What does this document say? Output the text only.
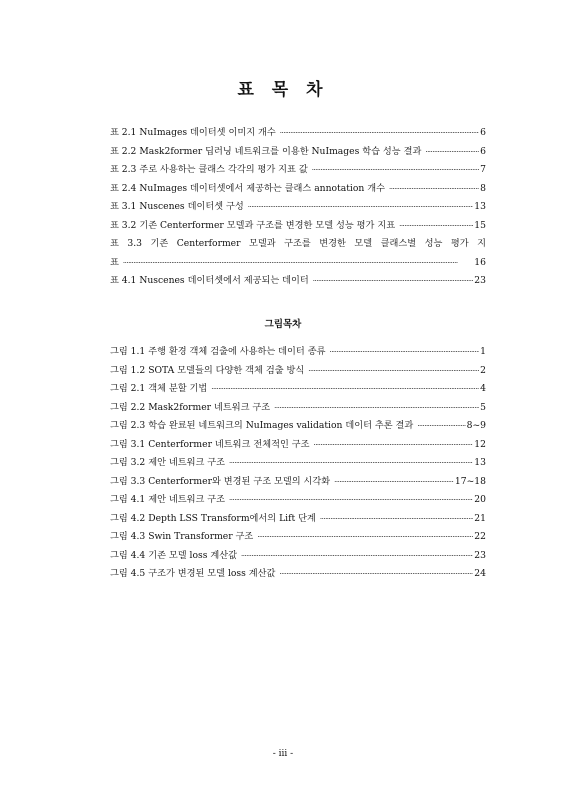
표 목 차
표 2.1 NuImages 데이터셋 이미지 개수 ·····	6
표 2.2 Mask2former 딥러닝 네트워크를 이용한 NuImages 학습 성능 결과 ·····	6
표 2.3 주로 사용하는 클래스 각각의 평가 지표 값 ·····	7
표 2.4 NuImages 데이터셋에서 제공하는 클래스 annotation 개수 ·····	8
표 3.1 Nuscenes 데이터셋 구성 ·····	13
표 3.2 기존 Centerformer 모델과 구조를 변경한 모델 성능 평가 지표 ·····	15
표 3.3 기존 Centerformer 모델과 구조를 변경한 모델 클래스별 성능 평가 지
표 ·····	16
표 4.1 Nuscenes 데이터셋에서 제공되는 데이터 ·····	23
그림목차
그림 1.1 주행 환경 객체 검출에 사용하는 데이터 종류 ·····	1
그림 1.2 SOTA 모델들의 다양한 객체 검출 방식 ·····	2
그림 2.1 객체 분할 기법 ·····	4
그림 2.2 Mask2former 네트워크 구조 ·····	5
그림 2.3 학습 완료된 네트워크의 NuImages validation 데이터 추론 결과 ·····	8~9
그림 3.1 Centerformer 네트워크 전체적인 구조 ·····	12
그림 3.2 제안 네트워크 구조 ·····	13
그림 3.3 Centerformer와 변경된 구조 모델의 시각화 ·····	17~18
그림 4.1 제안 네트워크 구조 ·····	20
그림 4.2 Depth LSS Transform에서의 Lift 단계 ·····	21
그림 4.3 Swin Transformer 구조 ·····	22
그림 4.4 기존 모델 loss 계산값 ·····	23
그림 4.5 구조가 변경된 모델 loss 계산값 ·····	24
- iii -
